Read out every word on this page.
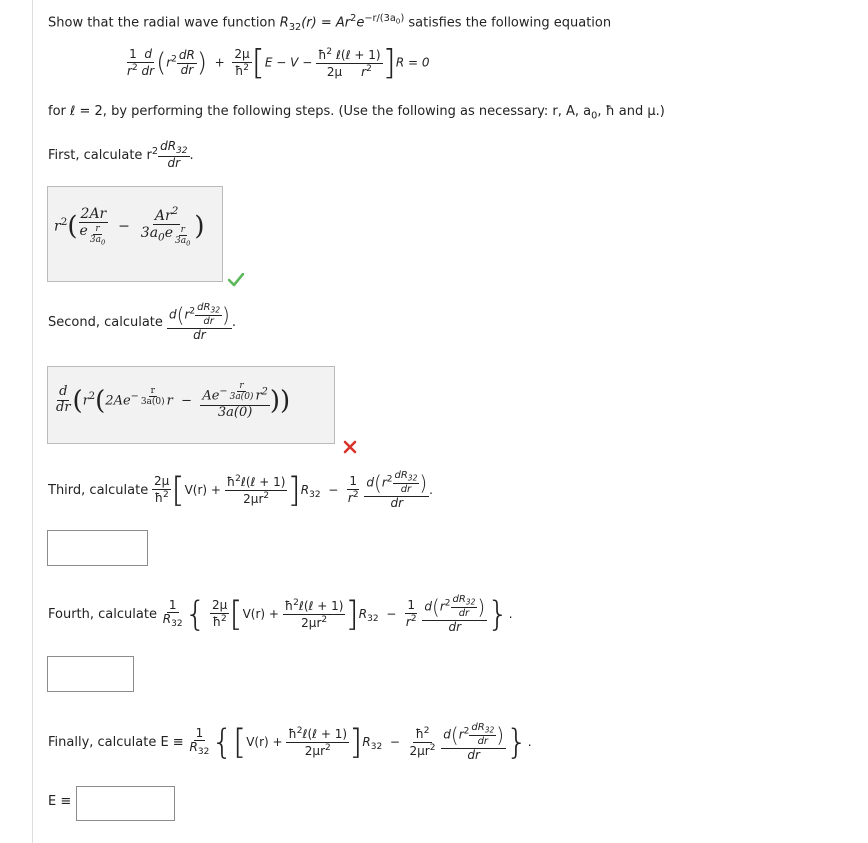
Show that the radial wave function $R_{32}(r) = Ar^2e^{-r/(3a_0)}$ satisfies the following equation
$\frac{1 d}{r^2 dr} (r^2 \frac{dR}{dr}$ ) + $\frac{2\mu}{ħ^2} [E - V - \frac{ħ^2 \ell(\ell + 1)}{2\mu r^2} ]R = 0$
for ℓ = 2, by performing the following steps. (Use the following as necessary: r, A, $a_0$, ħ and μ.)
First, calculate $r^2 \frac{dR_{32}}{dr}$ .
$r^2( \frac{2Ar}{e \frac{r}{3a_0}} - \frac{Ar^2}{3a_0e \frac{r}{3a_0}}$ )
Second, calculate $\frac{d(r^2 \frac{dR_{32}}{dr} )}{dr}$ .
$\frac{d}{dr} (r^2(2Ae^{- \frac{r}{3a(0)}}$ $r - Ae^{- \frac{r}{3a(0)}}$ $r^2$
3a(0) ))
Third, calculate $\frac{2\mu}{ħ^2} [V(r) + \frac{ħ^2\ell(\ell + 1)}{2\mu r^2} ]R_{32} - \frac{1}{r^2}$
$\frac{d(r^2 \frac{dR_{32}}{dr} )}{dr}$ .
Fourth, calculate $\frac{1}{R_{32}}$ { $\frac{2\mu}{ħ^2} [V(r) + \frac{ħ^2\ell(\ell + 1)}{2\mu r^2} ]R_{32} - \frac{1}{r^2}$
$\frac{d(r^2 \frac{dR_{32}}{dr} )}{dr}$ }.
Finally, calculate $E \equiv \frac{1}{R_{32}} \{[V(r) + \frac{ħ^2\ell(\ell + 1)}{2\mu r^2} ]R_{32} - \frac{ħ^2}{2\mu r^2}$
$\frac{d(r^2 \frac{dR_{32}}{dr} )}{dr}$ }.
E ≡
